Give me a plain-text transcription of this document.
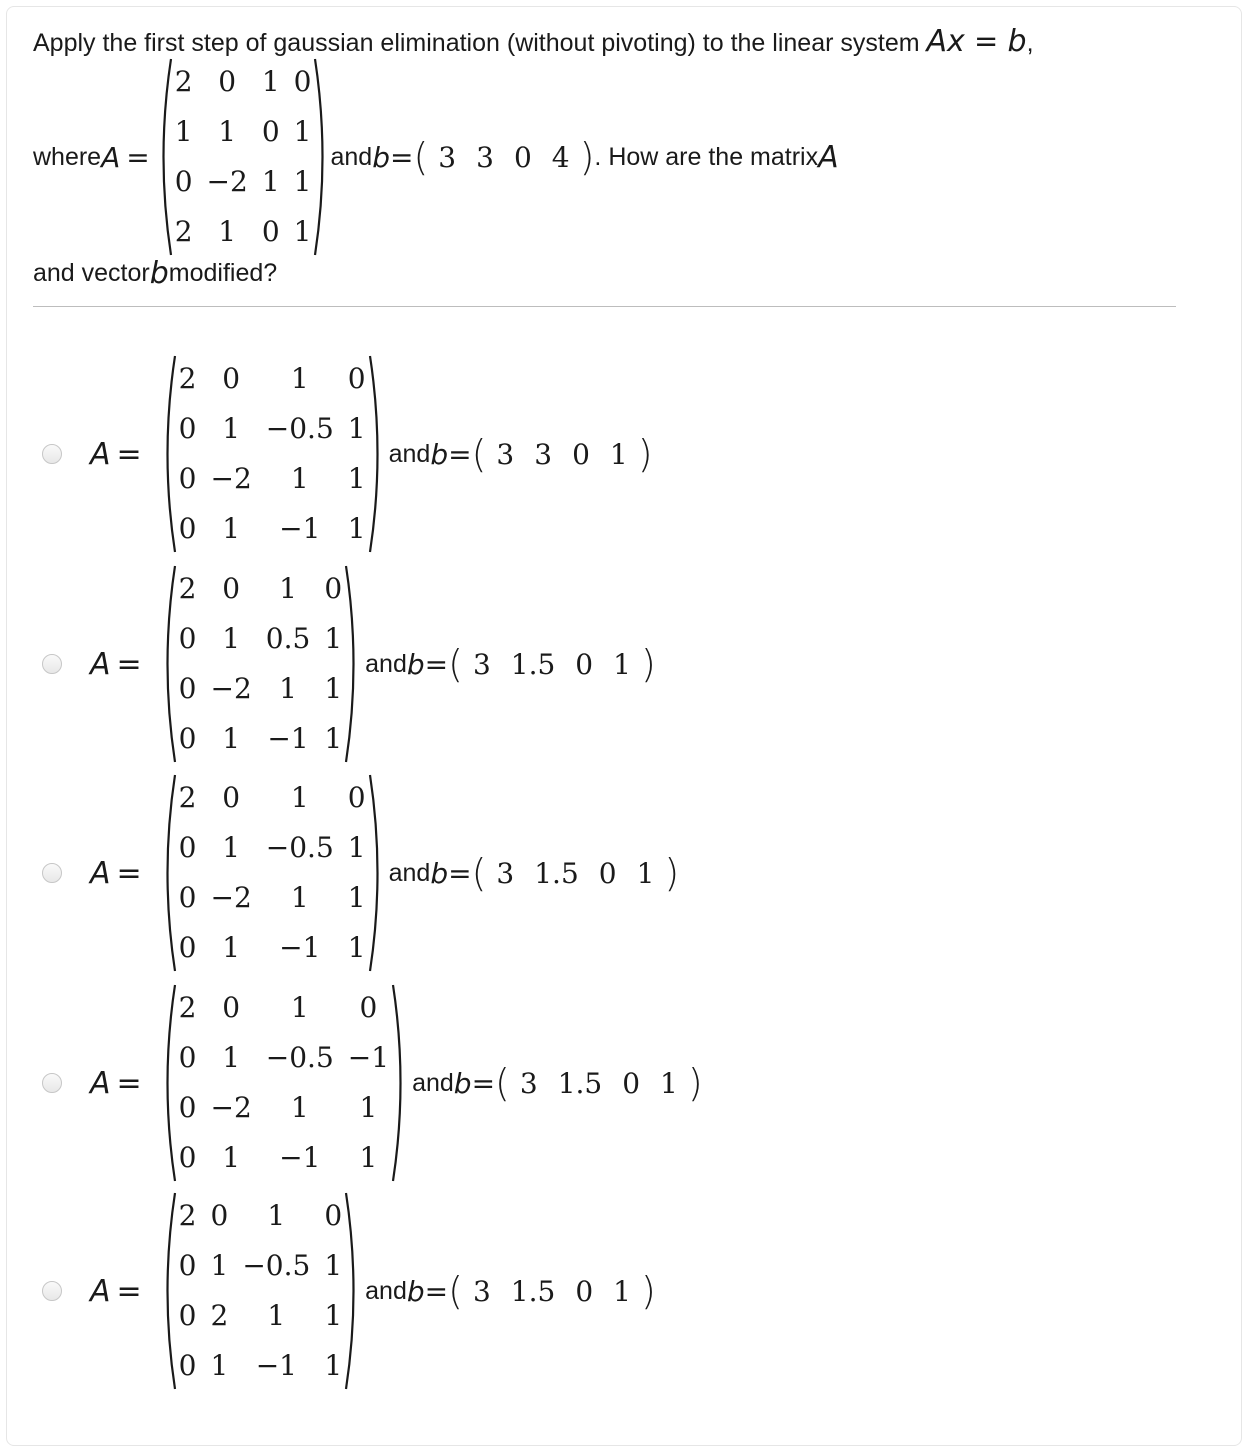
Apply the first step of gaussian elimination (without pivoting) to the linear system Ax = b,
where A =
2	0	1	0
1	1	0	1
0	−2	1	1
2	1	0	1
and b = ( 3 3 0 4 ) . How are the matrix A
and vector b modified?
A =
2	0	1	0
0	1	−0.5	1
0	−2	1	1
0	1	−1	1
and b = ( 3 3 0 1 )
A =
2	0	1	0
0	1	0.5	1
0	−2	1	1
0	1	−1	1
and b = ( 3 1.5 0 1 )
A =
2	0	1	0
0	1	−0.5	1
0	−2	1	1
0	1	−1	1
and b = ( 3 1.5 0 1 )
A =
2	0	1	0
0	1	−0.5	−1
0	−2	1	1
0	1	−1	1
and b = ( 3 1.5 0 1 )
A =
2	0	1	0
0	1	−0.5	1
0	2	1	1
0	1	−1	1
and b = ( 3 1.5 0 1 )
